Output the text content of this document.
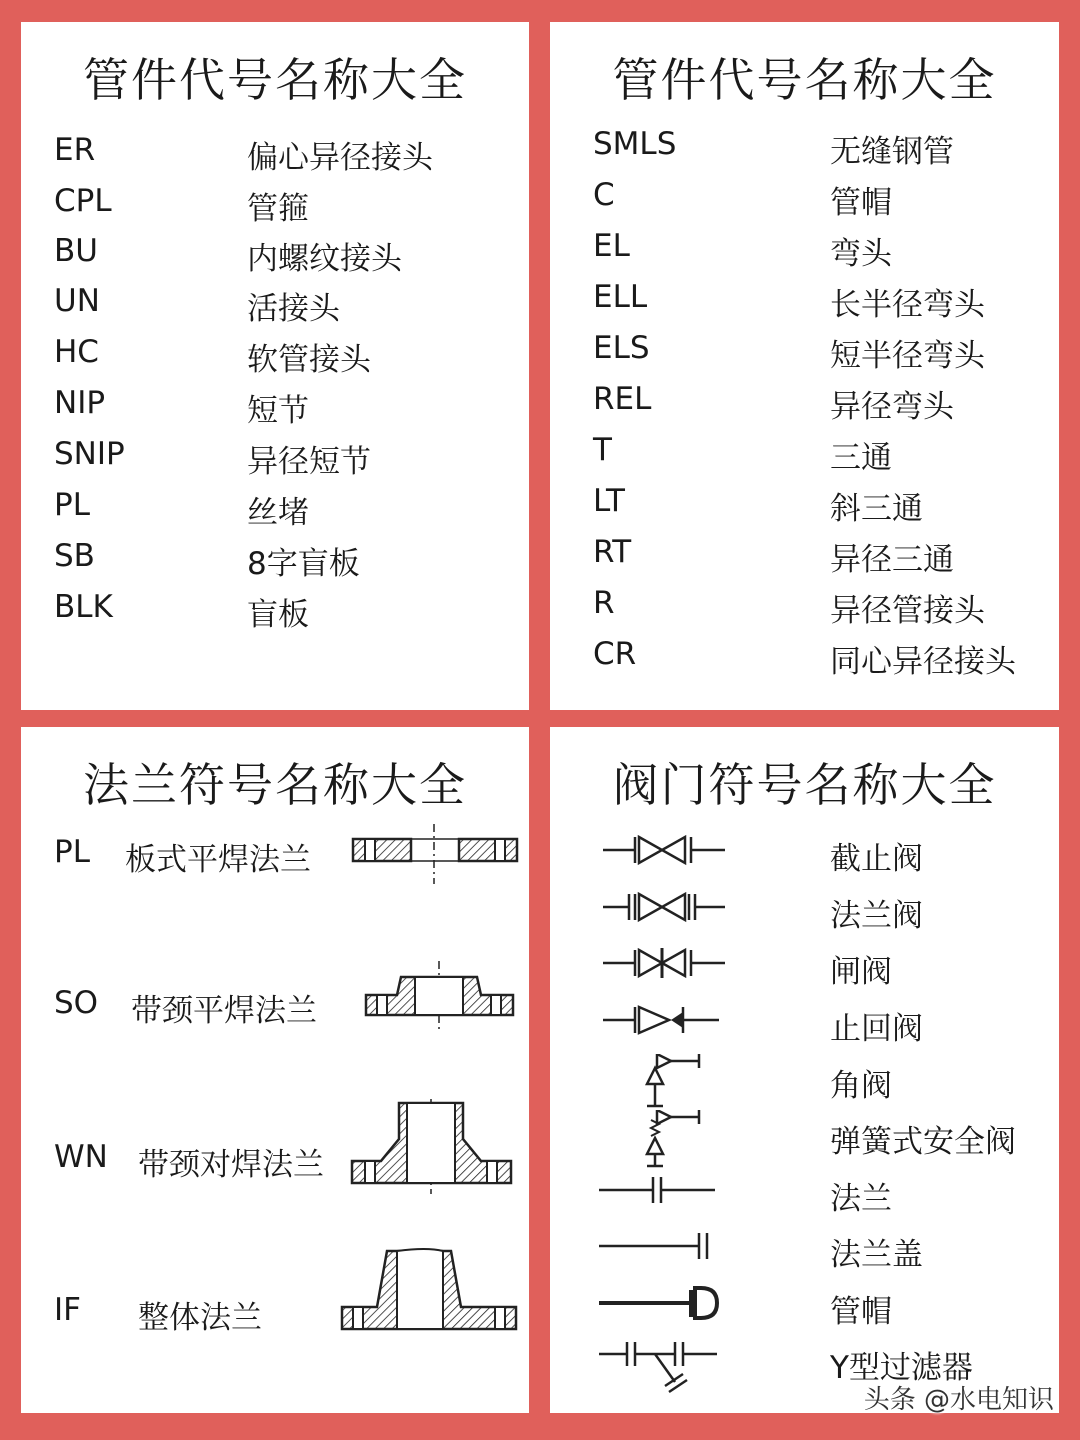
管件代号名称大全
ER	偏心异径接头
CPL	管箍
BU	内螺纹接头
UN	活接头
HC	软管接头
NIP	短节
SNIP	异径短节
PL	丝堵
SB	8字盲板
BLK	盲板
管件代号名称大全
SMLS	无缝钢管
C	管帽
EL	弯头
ELL	长半径弯头
ELS	短半径弯头
REL	异径弯头
T	三通
LT	斜三通
RT	异径三通
R	异径管接头
CR	同心异径接头
法兰符号名称大全
PL 板式平焊法兰
SO 带颈平焊法兰
WN 带颈对焊法兰
IF 整体法兰
阀门符号名称大全
截止阀
法兰阀
闸阀
止回阀
角阀
弹簧式安全阀
法兰
法兰盖
管帽
Y型过滤器
头条 @水电知识
